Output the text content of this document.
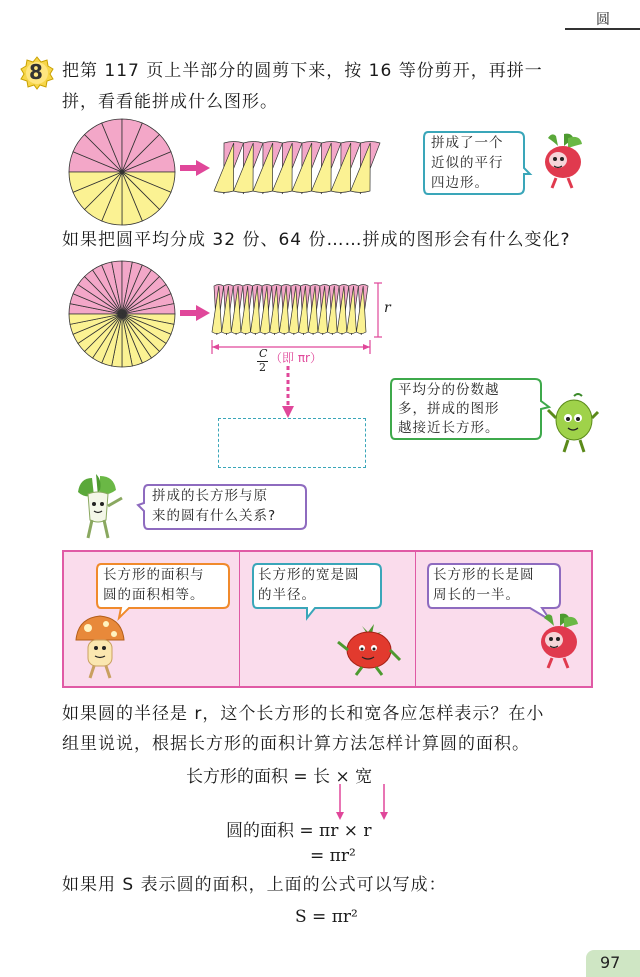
圆
8 把第 117 页上半部分的圆剪下来，按 16 等份剪开，再拼一
拼，看看能拼成什么图形。
拼成了一个
近似的平行
四边形。
如果把圆平均分成 32 份、64 份……拼成的图形会有什么变化?
r
C
2
（即 πr）
平均分的份数越
多，拼成的图形
越接近长方形。
拼成的长方形与原
来的圆有什么关系?
长方形的面积与
圆的面积相等。
长方形的宽是圆
的半径。
长方形的长是圆
周长的一半。
如果圆的半径是 r，这个长方形的长和宽各应怎样表示？在小
组里说说，根据长方形的面积计算方法怎样计算圆的面积。
长方形的面积 = 长 × 宽
圆的面积 = πr × r
= πr²
如果用 S 表示圆的面积，上面的公式可以写成：
S = πr²
97
